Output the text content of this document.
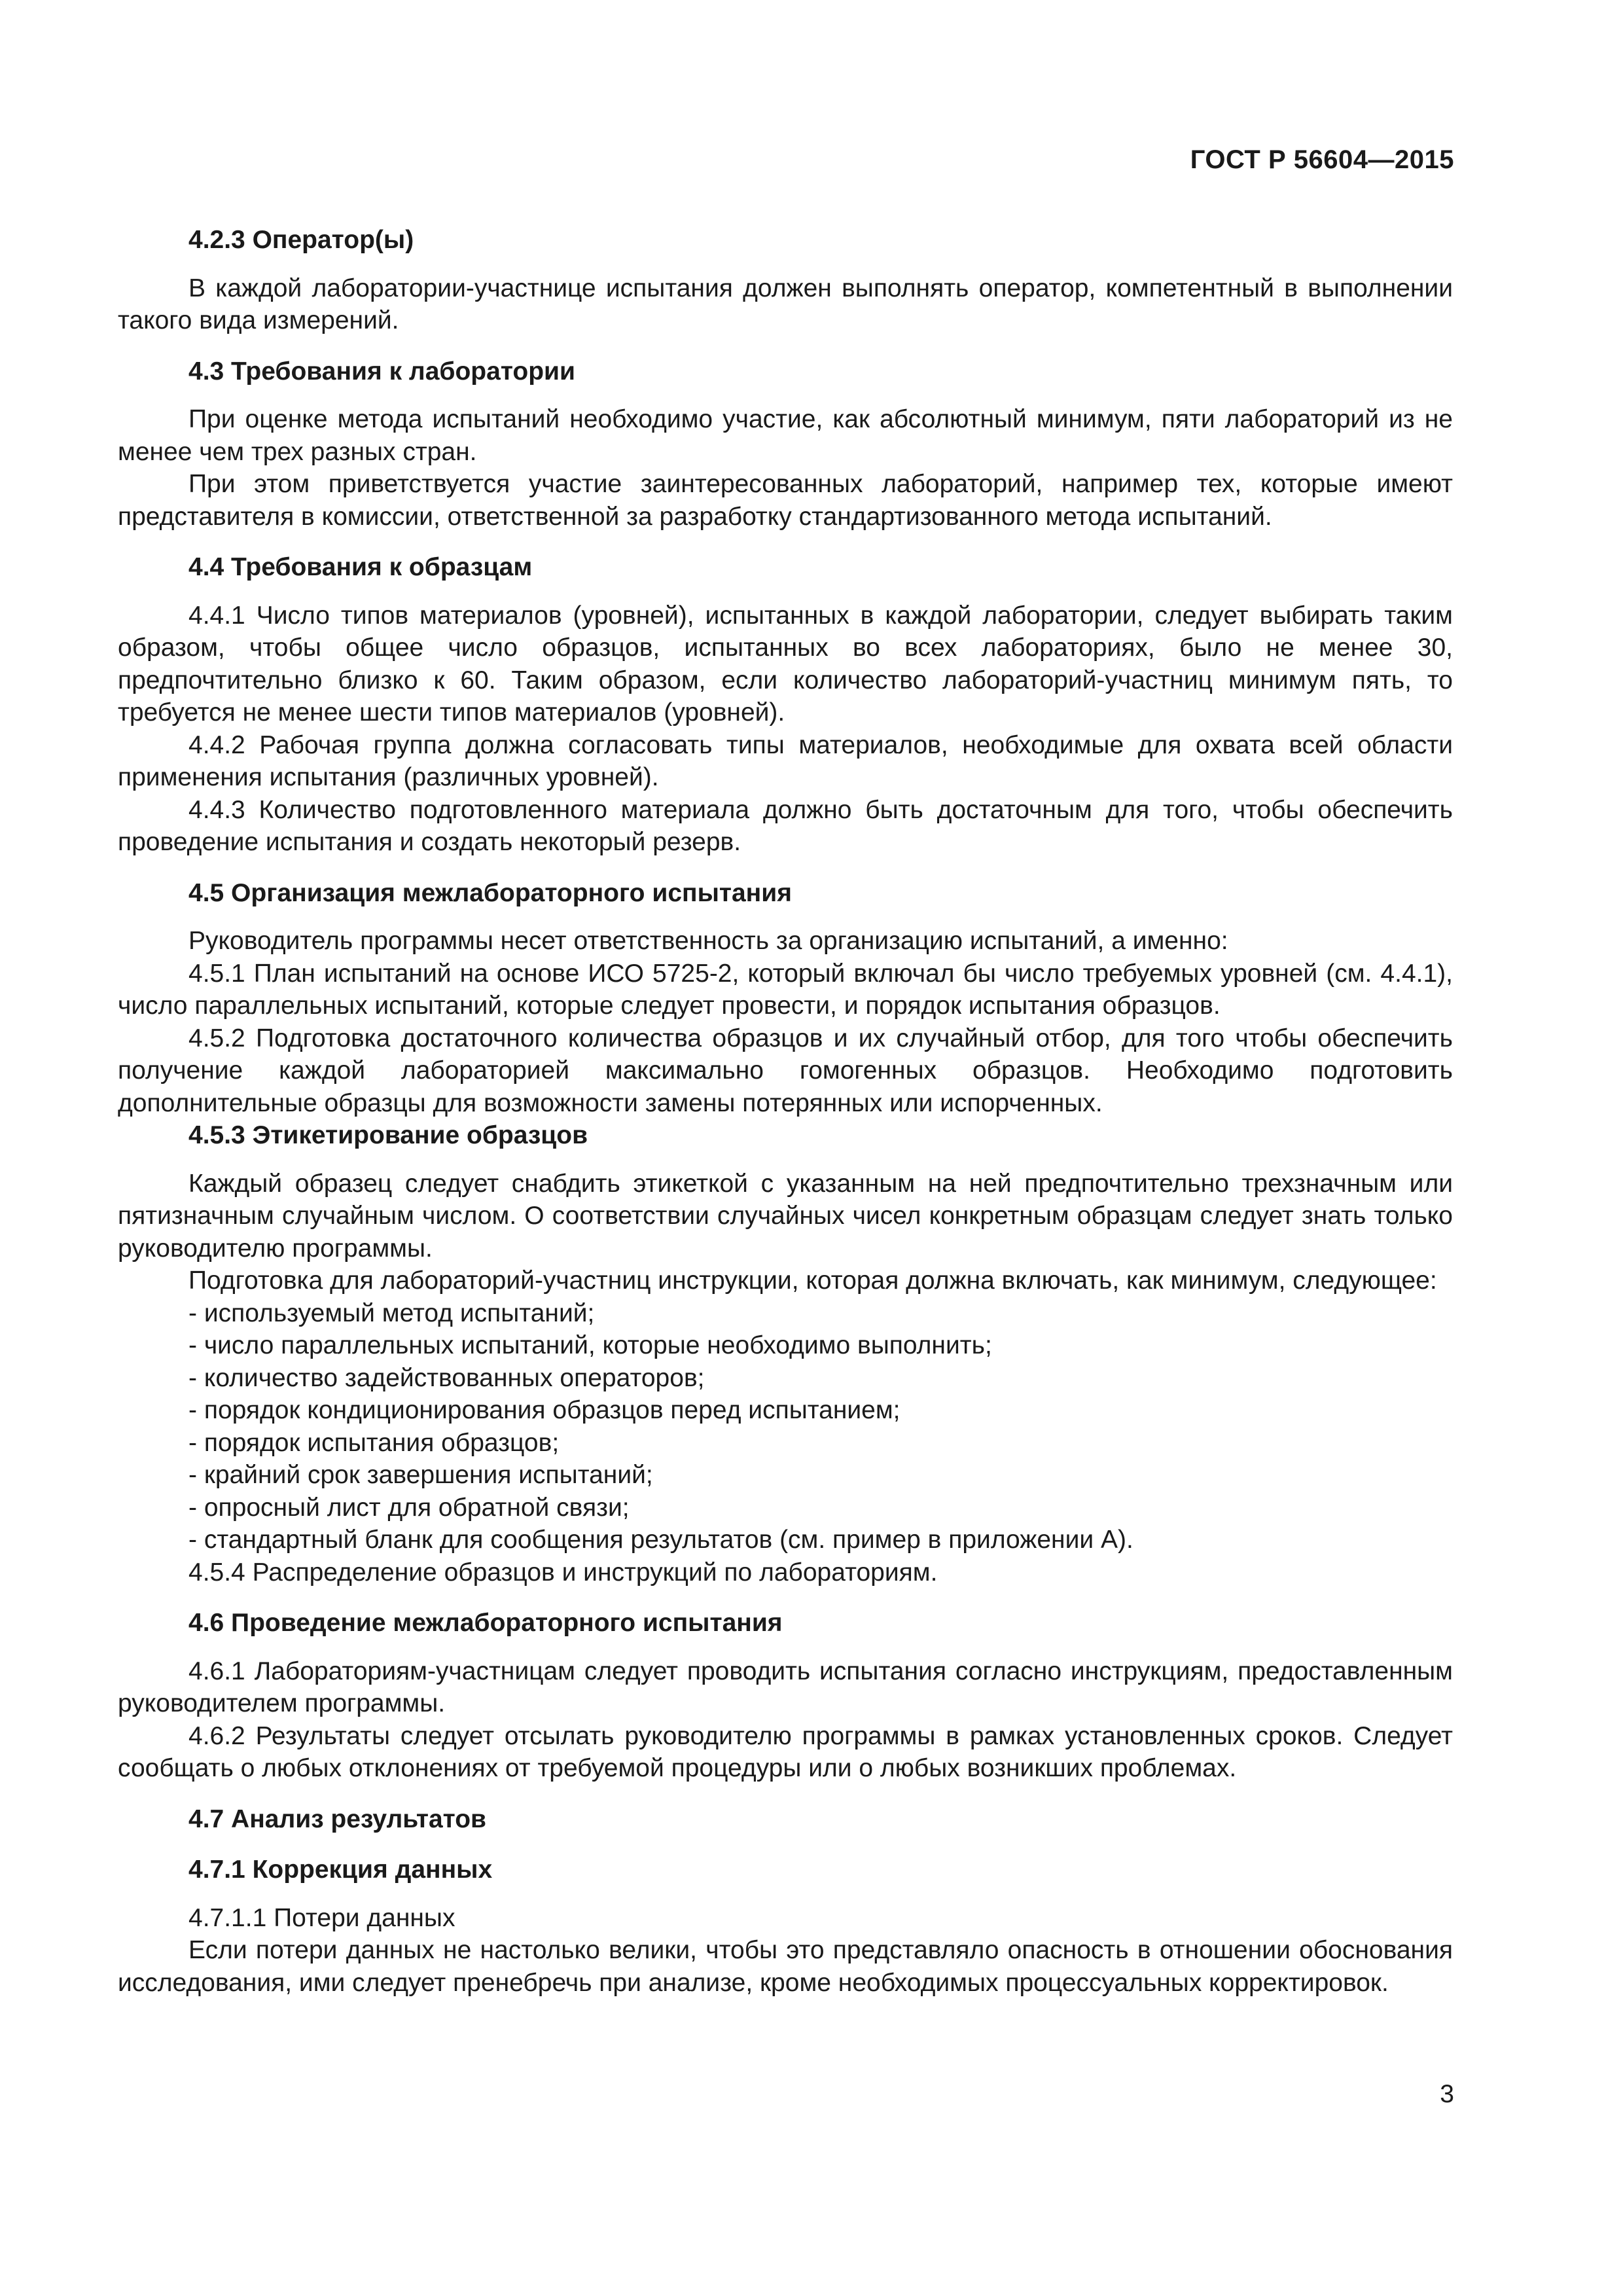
ГОСТ Р 56604—2015

4.2.3 Оператор(ы)

В каждой лаборатории-участнице испытания должен выполнять оператор, компетентный в выполнении такого вида измерений.

4.3 Требования к лаборатории

При оценке метода испытаний необходимо участие, как абсолютный минимум, пяти лабораторий из не менее чем трех разных стран.

При этом приветствуется участие заинтересованных лабораторий, например тех, которые имеют представителя в комиссии, ответственной за разработку стандартизованного метода испытаний.

4.4 Требования к образцам

4.4.1 Число типов материалов (уровней), испытанных в каждой лаборатории, следует выбирать таким образом, чтобы общее число образцов, испытанных во всех лабораториях, было не менее 30, предпочтительно близко к 60. Таким образом, если количество лабораторий-участниц минимум пять, то требуется не менее шести типов материалов (уровней).

4.4.2 Рабочая группа должна согласовать типы материалов, необходимые для охвата всей области применения испытания (различных уровней).

4.4.3 Количество подготовленного материала должно быть достаточным для того, чтобы обеспечить проведение испытания и создать некоторый резерв.

4.5 Организация межлабораторного испытания

Руководитель программы несет ответственность за организацию испытаний, а именно:

4.5.1 План испытаний на основе ИСО 5725-2, который включал бы число требуемых уровней (см. 4.4.1), число параллельных испытаний, которые следует провести, и порядок испытания образцов.

4.5.2 Подготовка достаточного количества образцов и их случайный отбор, для того чтобы обеспечить получение каждой лабораторией максимально гомогенных образцов. Необходимо подготовить дополнительные образцы для возможности замены потерянных или испорченных.

4.5.3 Этикетирование образцов

Каждый образец следует снабдить этикеткой с указанным на ней предпочтительно трехзначным или пятизначным случайным числом. О соответствии случайных чисел конкретным образцам следует знать только руководителю программы.

Подготовка для лабораторий-участниц инструкции, которая должна включать, как минимум, следующее:

- используемый метод испытаний;

- число параллельных испытаний, которые необходимо выполнить;

- количество задействованных операторов;

- порядок кондиционирования образцов перед испытанием;

- порядок испытания образцов;

- крайний срок завершения испытаний;

- опросный лист для обратной связи;

- стандартный бланк для сообщения результатов (см. пример в приложении А).

4.5.4 Распределение образцов и инструкций по лабораториям.

4.6 Проведение межлабораторного испытания

4.6.1 Лабораториям-участницам следует проводить испытания согласно инструкциям, предоставленным руководителем программы.

4.6.2 Результаты следует отсылать руководителю программы в рамках установленных сроков. Следует сообщать о любых отклонениях от требуемой процедуры или о любых возникших проблемах.

4.7 Анализ результатов

4.7.1 Коррекция данных

4.7.1.1 Потери данных

Если потери данных не настолько велики, чтобы это представляло опасность в отношении обоснования исследования, ими следует пренебречь при анализе, кроме необходимых процессуальных корректировок.

3
